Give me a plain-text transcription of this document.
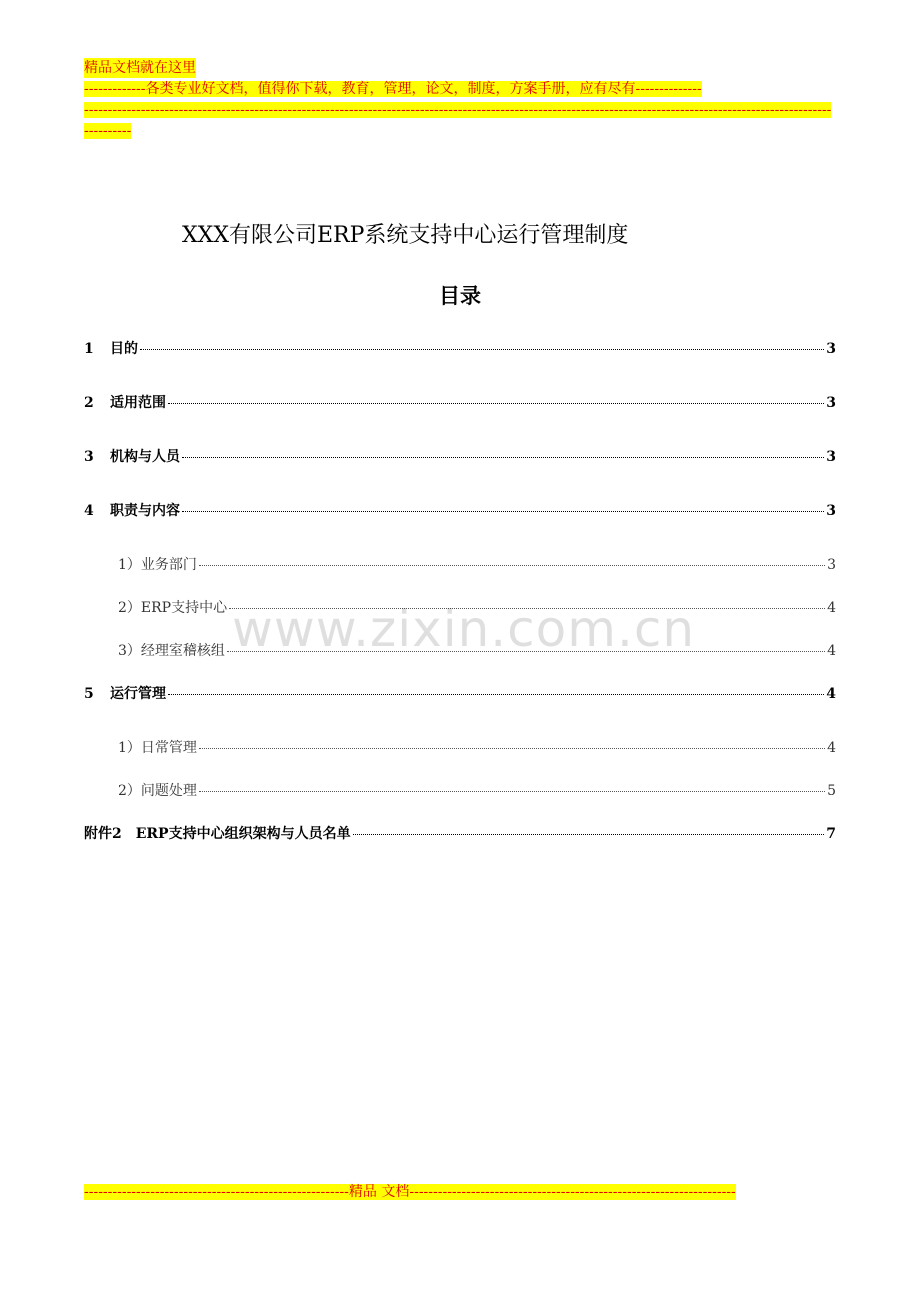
精品文档就在这里
-------------各类专业好文档，值得你下载，教育，管理，论文，制度，方案手册，应有尽有--------------
------------------------------------------------------------------------------------------------------------------------------------------------------------------------
XXX有限公司ERP系统支持中心运行管理制度
目录
1	目的	3
2	适用范围	3
3	机构与人员	3
4	职责与内容	3
1）业务部门	3
2）ERP支持中心	4
3）经理室稽核组	4
5	运行管理	4
1）日常管理	4
2）问题处理	5
附件2　ERP支持中心组织架构与人员名单	7
www.zixin.com.cn
--------------------------------------------------------精品 文档---------------------------------------------------------------------
